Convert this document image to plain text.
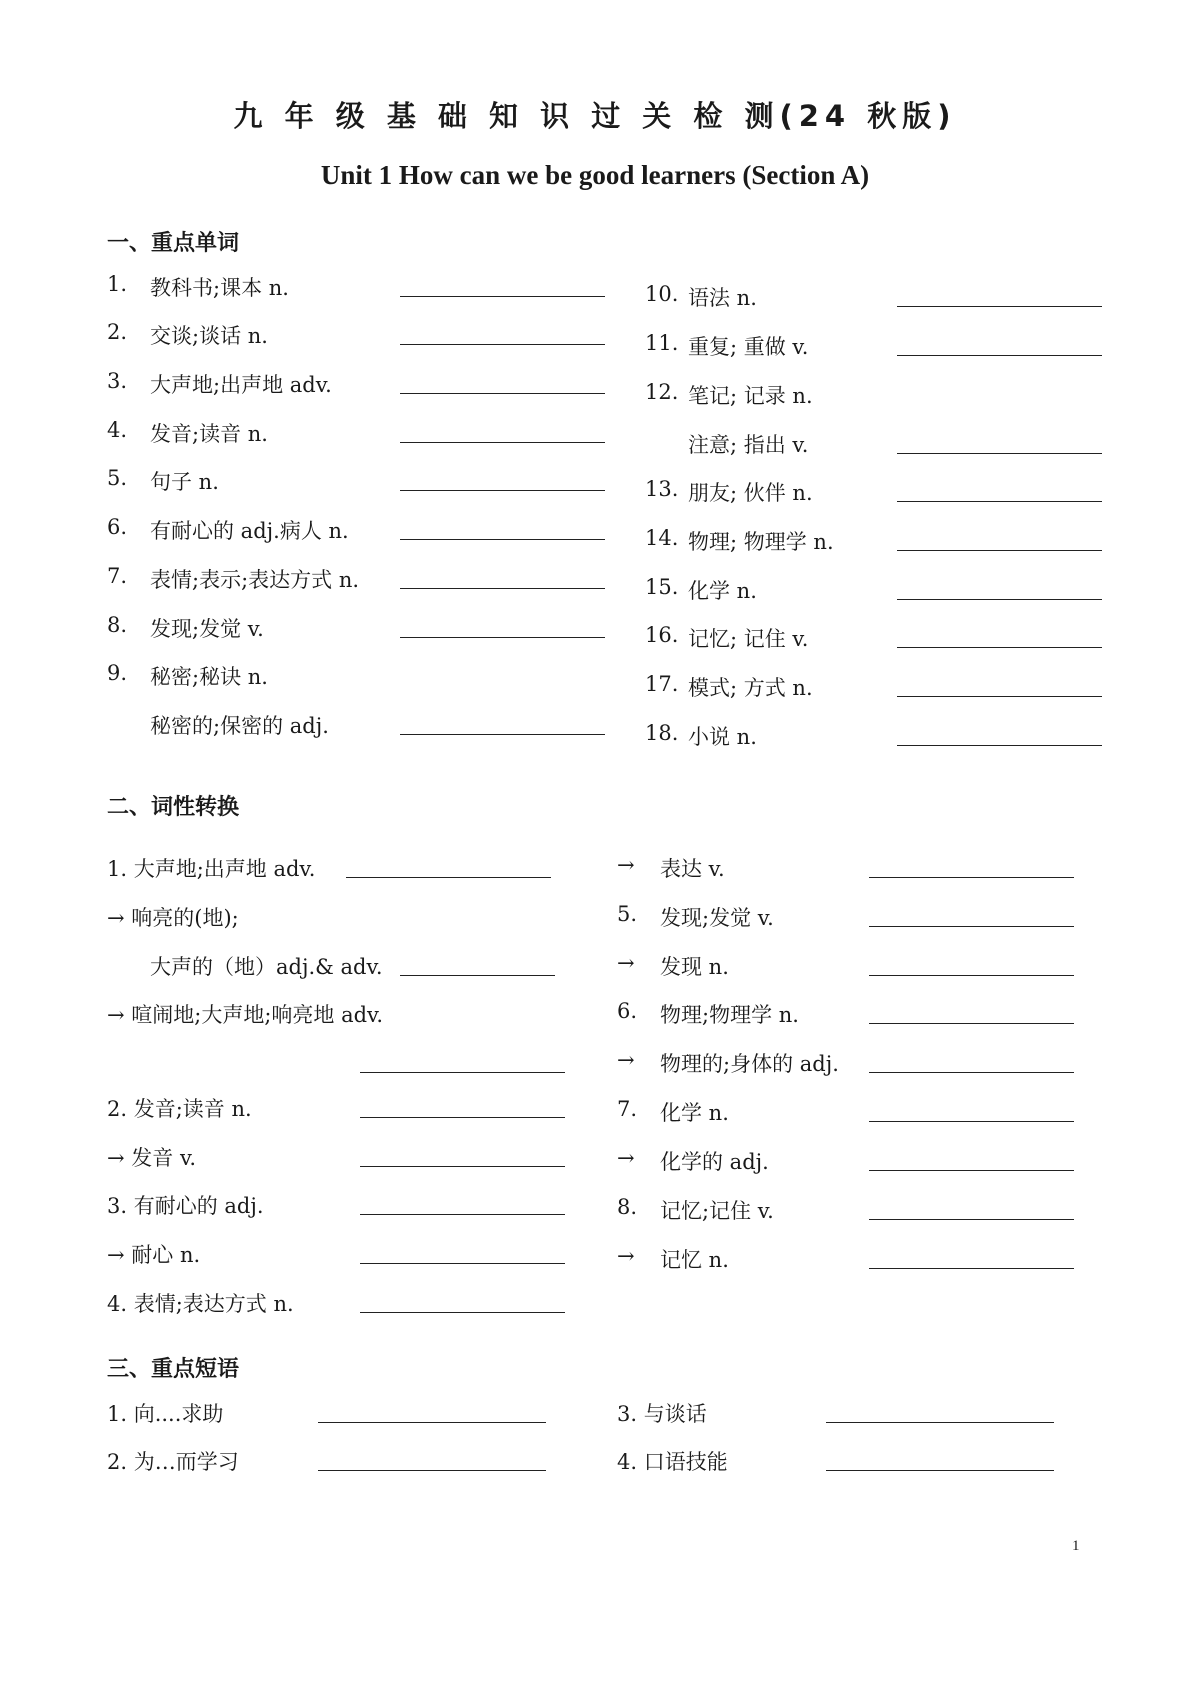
九 年 级 基 础 知 识 过 关 检 测(24 秋版)
Unit 1 How can we be good learners (Section A)
一、重点单词
1. 教科书;课本 n.
2. 交谈;谈话 n.
3. 大声地;出声地 adv.
4. 发音;读音 n.
5. 句子 n.
6. 有耐心的 adj.病人 n.
7. 表情;表示;表达方式 n.
8. 发现;发觉 v.
9. 秘密;秘诀 n.
秘密的;保密的 adj.
10. 语法 n.
11. 重复; 重做 v.
12. 笔记; 记录 n.
注意; 指出 v.
13. 朋友; 伙伴 n.
14. 物理; 物理学 n.
15. 化学 n.
16. 记忆; 记住 v.
17. 模式; 方式 n.
18. 小说 n.
二、词性转换
1. 大声地;出声地 adv.
→ 响亮的(地);
大声的（地）adj.& adv.
→ 喧闹地;大声地;响亮地 adv.
2. 发音;读音 n.
→ 发音 v.
3. 有耐心的 adj.
→ 耐心 n.
4. 表情;表达方式 n.
→ 表达 v.
5. 发现;发觉 v.
→ 发现 n.
6. 物理;物理学 n.
→ 物理的;身体的 adj.
7. 化学 n.
→ 化学的 adj.
8. 记忆;记住 v.
→ 记忆 n.
三、重点短语
1. 向....求助
2. 为…而学习
3. 与谈话
4. 口语技能
1
